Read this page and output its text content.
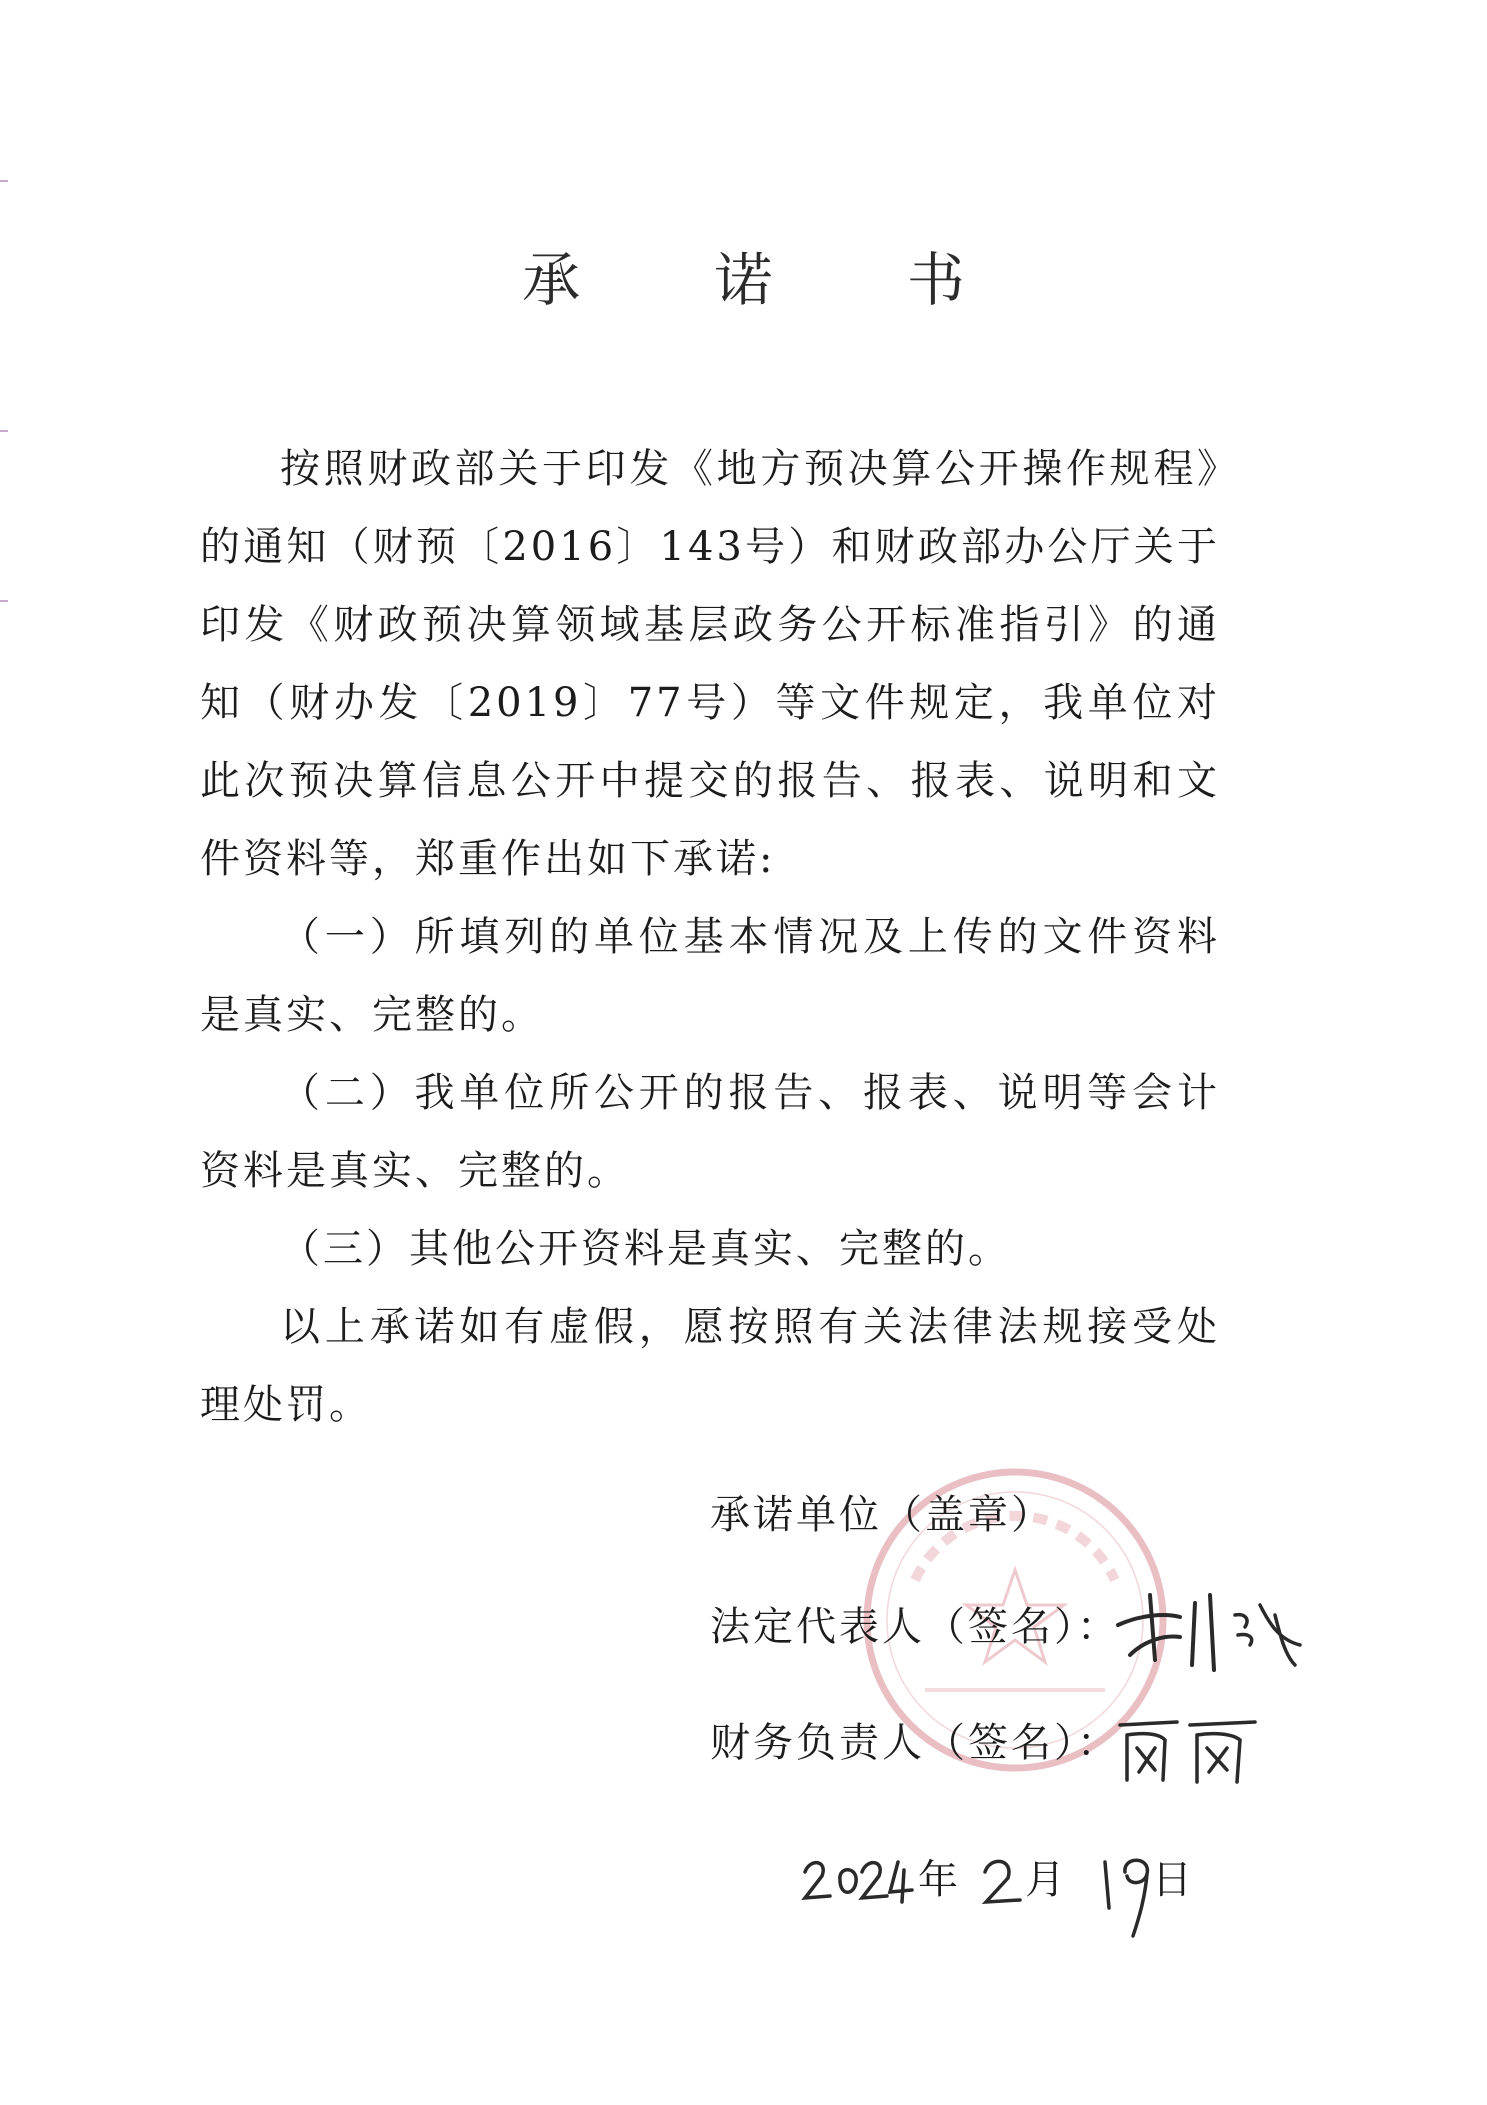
承 诺 书

按照财政部关于印发《地方预决算公开操作规程》的通知（财预〔2016〕143号）和财政部办公厅关于印发《财政预决算领域基层政务公开标准指引》的通知（财办发〔2019〕77号）等文件规定，我单位对此次预决算信息公开中提交的报告、报表、说明和文件资料等，郑重作出如下承诺:

（一）所填列的单位基本情况及上传的文件资料是真实、完整的。

（二）我单位所公开的报告、报表、说明等会计资料是真实、完整的。

（三）其他公开资料是真实、完整的。

以上承诺如有虚假，愿按照有关法律法规接受处理处罚。

承诺单位（盖章）
法定代表人（签名）：
财务负责人（签名）：
年 月 日
